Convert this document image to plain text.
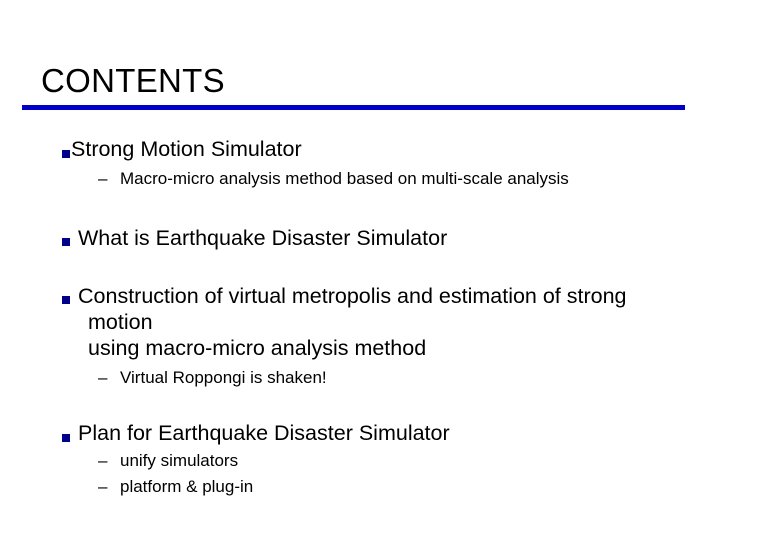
CONTENTS

Strong Motion Simulator

– Macro-micro analysis method based on multi-scale analysis

What is Earthquake Disaster Simulator

Construction of virtual metropolis and estimation of strong

motion

using macro-micro analysis method

– Virtual Roppongi is shaken!

Plan for Earthquake Disaster Simulator

– unify simulators

– platform & plug-in
